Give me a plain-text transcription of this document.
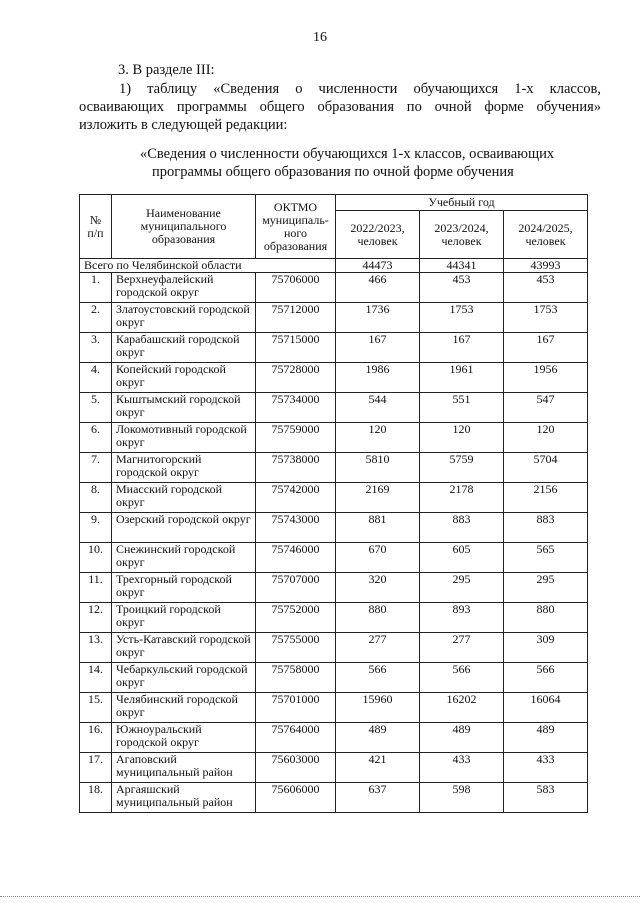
16
3. В разделе III:
1) таблицу «Сведения о численности обучающихся 1-х классов,
осваивающих программы общего образования по очной форме обучения»
изложить в следующей редакции:
«Сведения о численности обучающихся 1-х классов, осваивающих
программы общего образования по очной форме обучения
№ п/п	Наименование муниципального образования	ОКТМО муниципаль- ного образования	Учебный год		
			2022/2023, человек	2023/2024, человек	2024/2025, человек
Всего по Челябинской области			44473	44341	43993
1.	Верхнеуфалейский городской округ	75706000	466	453	453
2.	Златоустовский городской округ	75712000	1736	1753	1753
3.	Карабашский городской округ	75715000	167	167	167
4.	Копейский городской округ	75728000	1986	1961	1956
5.	Кыштымский городской округ	75734000	544	551	547
6.	Локомотивный городской округ	75759000	120	120	120
7.	Магнитогорский городской округ	75738000	5810	5759	5704
8.	Миасский городской округ	75742000	2169	2178	2156
9.	Озерский городской округ	75743000	881	883	883
10.	Снежинский городской округ	75746000	670	605	565
11.	Трехгорный городской округ	75707000	320	295	295
12.	Троицкий городской округ	75752000	880	893	880
13.	Усть-Катавский городской округ	75755000	277	277	309
14.	Чебаркульский городской округ	75758000	566	566	566
15.	Челябинский городской округ	75701000	15960	16202	16064
16.	Южноуральский городской округ	75764000	489	489	489
17.	Агаповский муниципальный район	75603000	421	433	433
18.	Аргаяшский муниципальный район	75606000	637	598	583
